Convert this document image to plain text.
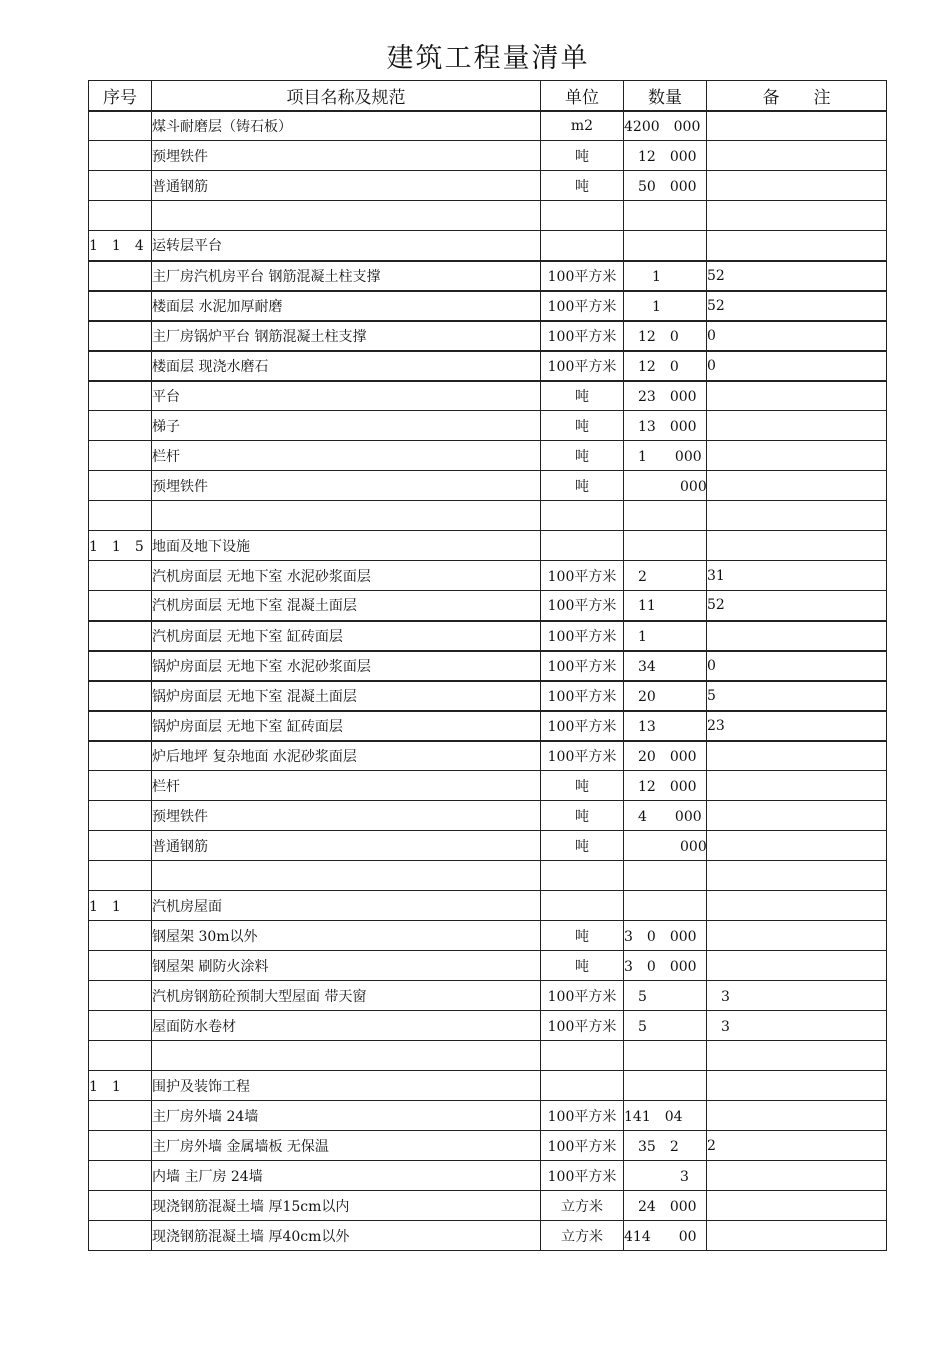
建筑工程量清单
序号	项目名称及规范	单位	数量	备　　注
	煤斗耐磨层（铸石板）	m2	4200　000	
	预埋铁件	吨	　12　000	
	普通钢筋	吨	　50　000	

1　1　4	运转层平台			
	主厂房汽机房平台 钢筋混凝土柱支撑	100平方米	　　1	52
	楼面层 水泥加厚耐磨	100平方米	　　1	52
	主厂房锅炉平台 钢筋混凝土柱支撑	100平方米	　12　0	0
	楼面层 现浇水磨石	100平方米	　12　0	0
	平台	吨	　23　000	
	梯子	吨	　13　000	
	栏杆	吨	　1　　000	
	预埋铁件	吨	　　　　000	

1　1　5	地面及地下设施			
	汽机房面层 无地下室 水泥砂浆面层	100平方米	　2	31
	汽机房面层 无地下室 混凝土面层	100平方米	　11	52
	汽机房面层 无地下室 缸砖面层	100平方米	　1	
	锅炉房面层 无地下室 水泥砂浆面层	100平方米	　34	0
	锅炉房面层 无地下室 混凝土面层	100平方米	　20	5
	锅炉房面层 无地下室 缸砖面层	100平方米	　13	23
	炉后地坪 复杂地面 水泥砂浆面层	100平方米	　20　000	
	栏杆	吨	　12　000	
	预埋铁件	吨	　4　　000	
	普通钢筋	吨	　　　　000	

1　1	汽机房屋面			
	钢屋架 30m以外	吨	3　0　000	
	钢屋架 刷防火涂料	吨	3　0　000	
	汽机房钢筋砼预制大型屋面 带天窗	100平方米	　5	　3
	屋面防水卷材	100平方米	　5	　3

1　1	围护及装饰工程			
	主厂房外墙 24墙	100平方米	141　04	
	主厂房外墙 金属墙板 无保温	100平方米	　35　2	2
	内墙 主厂房 24墙	100平方米	　　　　3	
	现浇钢筋混凝土墙 厚15cm以内	立方米	　24　000	
	现浇钢筋混凝土墙 厚40cm以外	立方米	414　　00	
